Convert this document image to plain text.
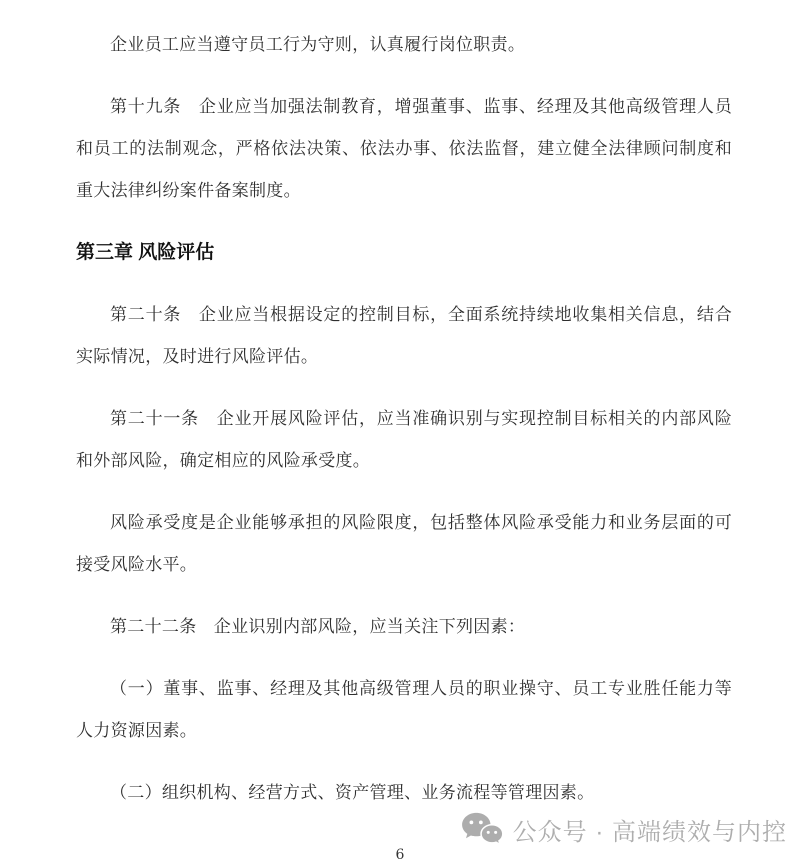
企业员工应当遵守员工行为守则，认真履行岗位职责。

第十九条　企业应当加强法制教育，增强董事、监事、经理及其他高级管理人员和员工的法制观念，严格依法决策、依法办事、依法监督，建立健全法律顾问制度和重大法律纠纷案件备案制度。

第三章 风险评估

第二十条　企业应当根据设定的控制目标，全面系统持续地收集相关信息，结合实际情况，及时进行风险评估。

第二十一条　企业开展风险评估，应当准确识别与实现控制目标相关的内部风险和外部风险，确定相应的风险承受度。

风险承受度是企业能够承担的风险限度，包括整体风险承受能力和业务层面的可接受风险水平。

第二十二条　企业识别内部风险，应当关注下列因素：

（一）董事、监事、经理及其他高级管理人员的职业操守、员工专业胜任能力等人力资源因素。

（二）组织机构、经营方式、资产管理、业务流程等管理因素。

公众号 · 高端绩效与内控
6
